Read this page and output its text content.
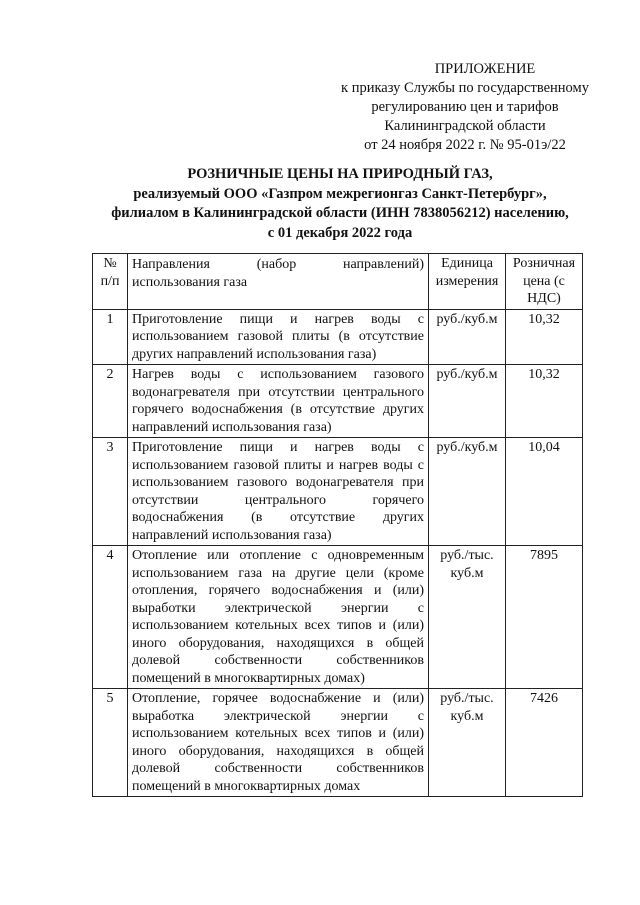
ПРИЛОЖЕНИЕ
к приказу Службы по государственному
регулированию цен и тарифов
Калининградской области
от 24 ноября 2022 г. № 95-01э/22
РОЗНИЧНЫЕ ЦЕНЫ НА ПРИРОДНЫЙ ГАЗ,
реализуемый ООО «Газпром межрегионгаз Санкт-Петербург»,
филиалом в Калининградской области (ИНН 7838056212) населению,
с 01 декабря 2022 года
№ п/п	Направления (набор направлений) использования газа	Единица измерения	Розничная цена (с НДС)
1	Приготовление пищи и нагрев воды с использованием газовой плиты (в отсутствие других направлений использования газа)	руб./куб.м	10,32
2	Нагрев воды с использованием газового водонагревателя при отсутствии центрального горячего водоснабжения (в отсутствие других направлений использования газа)	руб./куб.м	10,32
3	Приготовление пищи и нагрев воды с использованием газовой плиты и нагрев воды с использованием газового водонагревателя при отсутствии центрального горячего водоснабжения (в отсутствие других направлений использования газа)	руб./куб.м	10,04
4	Отопление или отопление с одновременным использованием газа на другие цели (кроме отопления, горячего водоснабжения и (или) выработки электрической энергии с использованием котельных всех типов и (или) иного оборудования, находящихся в общей долевой собственности собственников помещений в многоквартирных домах)	руб./тыс. куб.м	7895
5	Отопление, горячее водоснабжение и (или) выработка электрической энергии с использованием котельных всех типов и (или) иного оборудования, находящихся в общей долевой собственности собственников помещений в многоквартирных домах	руб./тыс. куб.м	7426
